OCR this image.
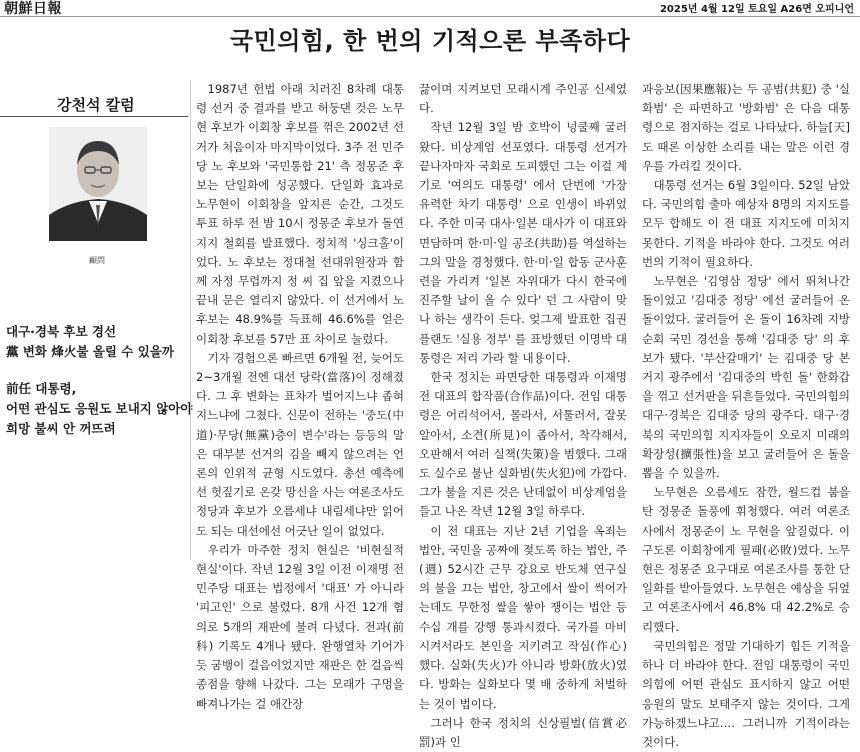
朝鮮日報	2025년 4월 12일 토요일 A26면 오피니언
국민의힘, 한 번의 기적으론 부족하다
강천석 칼럼
顧問
대구·경북 후보 경선
黨 변화 烽火불 올릴 수 있을까
前任 대통령,
어떤 관심도 응원도 보내지 않아야
희망 불씨 안 꺼뜨려

1987년 헌법 아래 치러진 8차례 대통령 선거 중 결과를 받고 허둥댄 것은 노무현 후보가 이회창 후보를 꺾은 2002년 선거가 처음이자 마지막이었다. 3주 전 민주당 노 후보와 '국민통합 21' 측 정몽준 후보는 단일화에 성공했다. 단일화 효과로 노무현이 이회창을 앞지른 순간, 그것도 투표 하루 전 밤 10시 정몽준 후보가 돌연 지지 철회를 발표했다. 정치적 '싱크홀'이었다. 노 후보는 정대철 선대위원장과 함께 자정 무렵까지 정 씨 집 앞을 지켰으나 끝내 문은 열리지 않았다. 이 선거에서 노 후보는 48.9%를 득표해 46.6%를 얻은 이회창 후보를 57만 표 차이로 눌렀다.

기자 경험으론 빠르면 6개월 전, 늦어도 2~3개월 전엔 대선 당락(當落)이 정해졌다. 그 후 변화는 표차가 벌어지느냐 좁혀지느냐에 그쳤다. 신문이 전하는 '중도(中道)·무당(無黨)층이 변수'라는 등등의 말은 대부분 선거의 김을 빼지 않으려는 언론의 인위적 균형 시도였다. 총선 예측에선 헛짚기로 온갖 망신을 사는 여론조사도 정당과 후보가 오름세냐 내림세냐만 읽어도 되는 대선에선 어긋난 일이 없었다.

우리가 마주한 정치 현실은 '비현실적 현실'이다. 작년 12월 3일 이전 이재명 전 민주당 대표는 법정에서 '대표' 가 아니라 '피고인' 으로 불렸다. 8개 사건 12개 혐의로 5개의 재판에 불려 다녔다. 전과(前科) 기록도 4개나 됐다. 완행열차 기어가듯 굼뱅이 걸음이었지만 재판은 한 걸음씩 종점을 향해 나갔다. 그는 모래가 구멍을 빠져나가는 걸 애간장

끓이며 지켜보던 모래시계 주인공 신세였다.

작년 12월 3일 밤 호박이 넝쿨째 굴러왔다. 비상계엄 선포였다. 대통령 선거가 끝나자마자 국회로 도피했던 그는 이걸 계기로 '여의도 대통령' 에서 단번에 '가장 유력한 차기 대통령' 으로 인생이 바뀌었다. 주한 미국 대사·일본 대사가 이 대표와 면담하며 한·미·일 공조(共助)를 역설하는 그의 말을 경청했다. 한·미·일 합동 군사훈련을 가리켜 '일본 자위대가 다시 한국에 진주할 날이 올 수 있다' 던 그 사람이 맞나 하는 생각이 든다. 엊그제 발표한 집권 플랜도 '실용 정부' 를 표방했던 이명박 대통령은 저리 가라 할 내용이다.

한국 정치는 파면당한 대통령과 이재명 전 대표의 합작품(合作品)이다. 전임 대통령은 어리석어서, 몰라서, 서툴러서, 잘못 알아서, 소견(所見)이 좁아서, 착각해서, 오판해서 여러 실책(失策)을 범했다. 그래도 실수로 불난 실화범(失火犯)에 가깝다. 그가 불을 지른 것은 난데없이 비상계엄을 들고 나온 작년 12월 3일 하루다.

이 전 대표는 지난 2년 기업을 옥죄는 법안, 국민을 공짜에 젖도록 하는 법안, 주(週) 52시간 근무 강요로 반도체 연구실의 불을 끄는 법안, 창고에서 쌀이 썩어가는데도 무한정 쌀을 쌓아 쟁이는 법안 등 수십 개를 강행 통과시켰다. 국가를 마비시켜서라도 본인을 지키려고 작심(作心)했다. 실화(失火)가 아니라 방화(放火)였다. 방화는 실화보다 몇 배 중하게 처벌하는 것이 법이다.

그러나 한국 정치의 신상필벌(信賞必罰)과 인

과응보(因果應報)는 두 공범(共犯) 중 '실화범' 은 파면하고 '방화범' 은 다음 대통령으로 점지하는 걸로 나타났다. 하늘[天]도 때론 이상한 소리를 내는 말은 이런 경우를 가리킬 것이다.

대통령 선거는 6월 3일이다. 52일 남았다. 국민의힘 출마 예상자 8명의 지지도를 모두 합해도 이 전 대표 지지도에 미치지 못한다. 기적을 바라야 한다. 그것도 여러 번의 기적이 필요하다.

노무현은 '김영삼 정당' 에서 뛰쳐나간 돌이었고 '김대중 정당' 에선 굴러들어 온 돌이었다. 굴러들어 온 돌이 16차례 지방 순회 국민 경선을 통해 '김대중 당' 의 후보가 됐다. '부산갈매기' 는 김대중 당 본거지 광주에서 '김대중의 박힌 돌' 한화갑을 꺾고 선거판을 뒤흔들었다. 국민의힘의 대구·경북은 김대중 당의 광주다. 대구·경북의 국민의힘 지지자들이 오로지 미래의 확장성(擴張性)을 보고 굴러들어 온 돌을 뽑을 수 있을까.

노무현은 오름세도 잠깐, 월드컵 붐을 탄 정몽준 돌풍에 휘청했다. 여러 여론조사에서 정몽준이 노 무현을 앞질렀다. 이 구도론 이회창에게 필패(必敗)였다. 노무현은 정몽준 요구대로 여론조사를 통한 단일화를 받아들였다. 노무현은 예상을 뒤엎고 여론조사에서 46.8% 대 42.2%로 승리했다.

국민의힘은 정말 기대하기 힘든 기적을 하나 더 바라야 한다. 전임 대통령이 국민의힘에 어떤 관심도 표시하지 않고 어떤 응원의 말도 보태주지 않는 것이다. 그게 가능하겠느냐고…. 그러니까 기적이라는 것이다.
